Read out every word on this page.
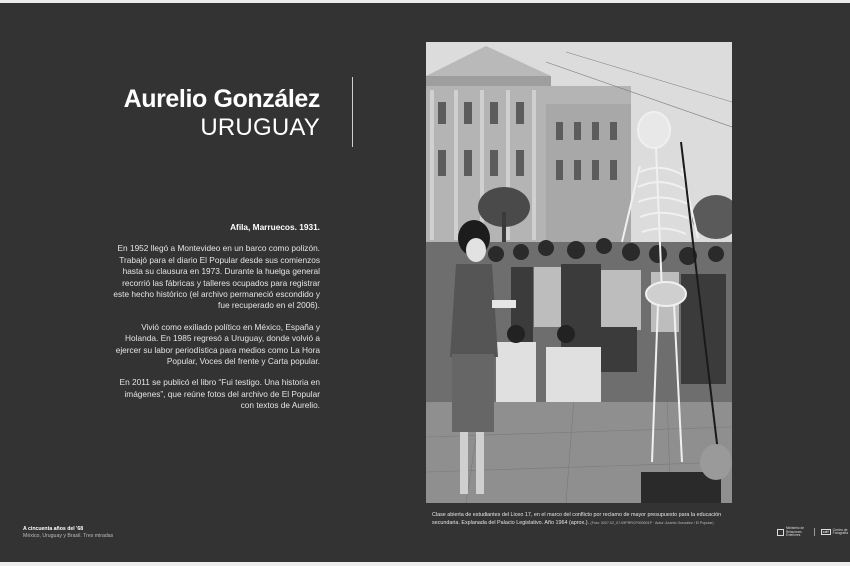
Aurelio González
URUGUAY
Afila, Marruecos. 1931.

En 1952 llegó a Montevideo en un barco como polizón. Trabajó para el diario El Popular desde sus comienzos hasta su clausura en 1973. Durante la huelga general recorrió las fábricas y talleres ocupados para registrar este hecho histórico (el archivo permaneció escondido y fue recuperado en el 2006).

Vivió como exiliado político en México, España y Holanda. En 1985 regresó a Uruguay, donde volvió a ejercer su labor periodística para medios como La Hora Popular, Voces del frente y Carta popular.

En 2011 se publicó el libro “Fui testigo. Una historia en imágenes”, que reúne fotos del archivo de El Popular con textos de Aurelio.

Clase abierta de estudiantes del Liceo 17, en el marco del conflicto por reclamo de mayor presupuesto para la educación secundaria. Explanada del Palacio Legislativo. Año 1964 (aprox.). (Foto: 0027-02_07-09PRRCF000001P · Autor: Aurelio González / El Popular)
A cincuenta años del '68
México, Uruguay y Brasil. Tres miradas
Ministerio de Relaciones Exteriores
cdf	Centro de Fotografía
